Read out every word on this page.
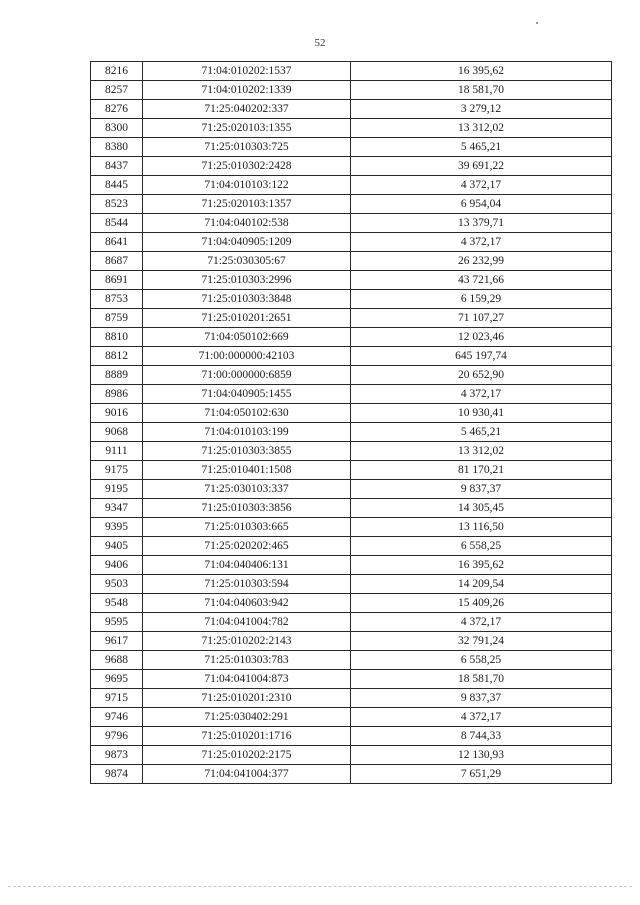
52
8216	71:04:010202:1537	16 395,62
8257	71:04:010202:1339	18 581,70
8276	71:25:040202:337	3 279,12
8300	71:25:020103:1355	13 312,02
8380	71:25:010303:725	5 465,21
8437	71:25:010302:2428	39 691,22
8445	71:04:010103:122	4 372,17
8523	71:25:020103:1357	6 954,04
8544	71:04:040102:538	13 379,71
8641	71:04:040905:1209	4 372,17
8687	71:25:030305:67	26 232,99
8691	71:25:010303:2996	43 721,66
8753	71:25:010303:3848	6 159,29
8759	71:25:010201:2651	71 107,27
8810	71:04:050102:669	12 023,46
8812	71:00:000000:42103	645 197,74
8889	71:00:000000:6859	20 652,90
8986	71:04:040905:1455	4 372,17
9016	71:04:050102:630	10 930,41
9068	71:04:010103:199	5 465,21
9111	71:25:010303:3855	13 312,02
9175	71:25:010401:1508	81 170,21
9195	71:25:030103:337	9 837,37
9347	71:25:010303:3856	14 305,45
9395	71:25:010303:665	13 116,50
9405	71:25:020202:465	6 558,25
9406	71:04:040406:131	16 395,62
9503	71:25:010303:594	14 209,54
9548	71:04:040603:942	15 409,26
9595	71:04:041004:782	4 372,17
9617	71:25:010202:2143	32 791,24
9688	71:25:010303:783	6 558,25
9695	71:04:041004:873	18 581,70
9715	71:25:010201:2310	9 837,37
9746	71:25:030402:291	4 372,17
9796	71:25:010201:1716	8 744,33
9873	71:25:010202:2175	12 130,93
9874	71:04:041004:377	7 651,29
